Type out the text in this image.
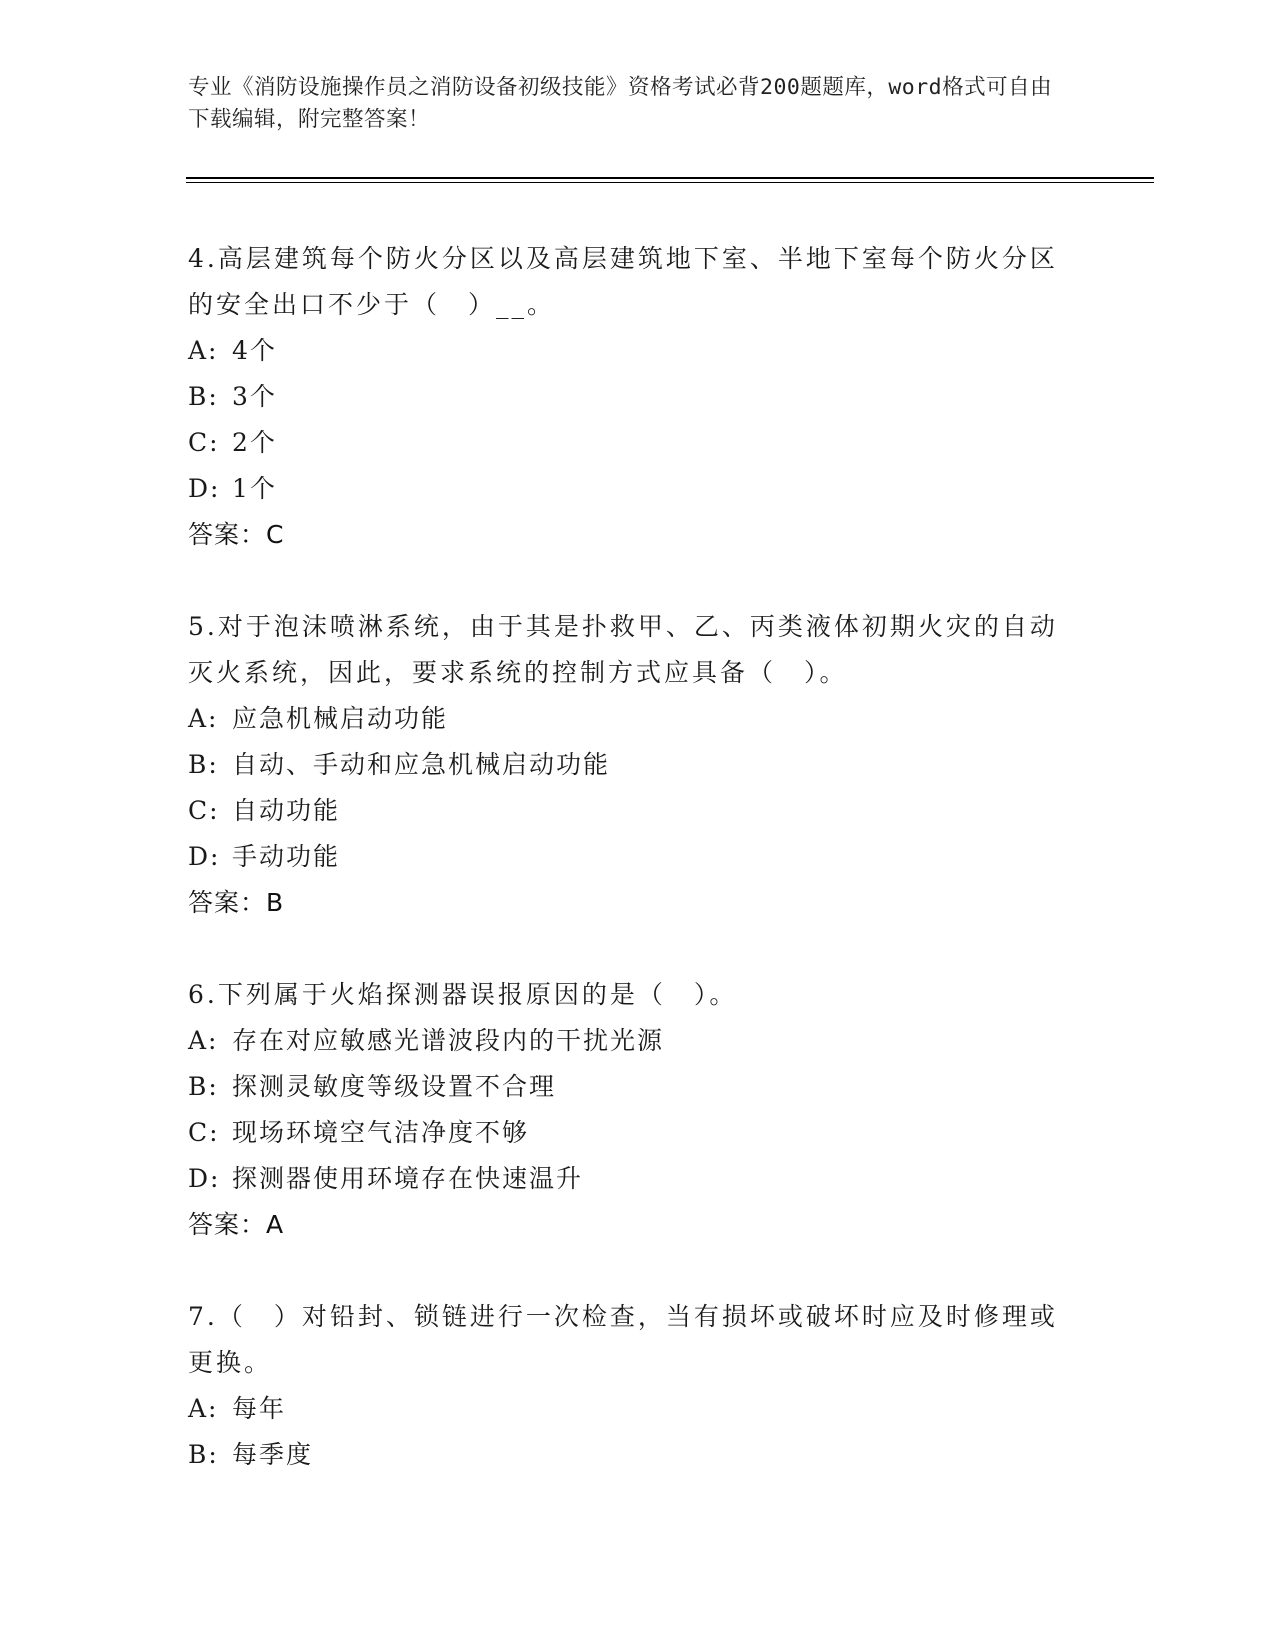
专业《消防设施操作员之消防设备初级技能》资格考试必背200题题库，word格式可自由下载编辑，附完整答案！
4.高层建筑每个防火分区以及高层建筑地下室、半地下室每个防火分区的安全出口不少于（　）__。
A: 4个
B: 3个
C: 2个
D: 1个
答案：C
5.对于泡沫喷淋系统，由于其是扑救甲、乙、丙类液体初期火灾的自动灭火系统，因此，要求系统的控制方式应具备（　）。
A: 应急机械启动功能
B: 自动、手动和应急机械启动功能
C: 自动功能
D: 手动功能
答案：B
6.下列属于火焰探测器误报原因的是（　）。
A: 存在对应敏感光谱波段内的干扰光源
B: 探测灵敏度等级设置不合理
C: 现场环境空气洁净度不够
D: 探测器使用环境存在快速温升
答案：A
7.（　）对铅封、锁链进行一次检查，当有损坏或破坏时应及时修理或更换。
A: 每年
B: 每季度
